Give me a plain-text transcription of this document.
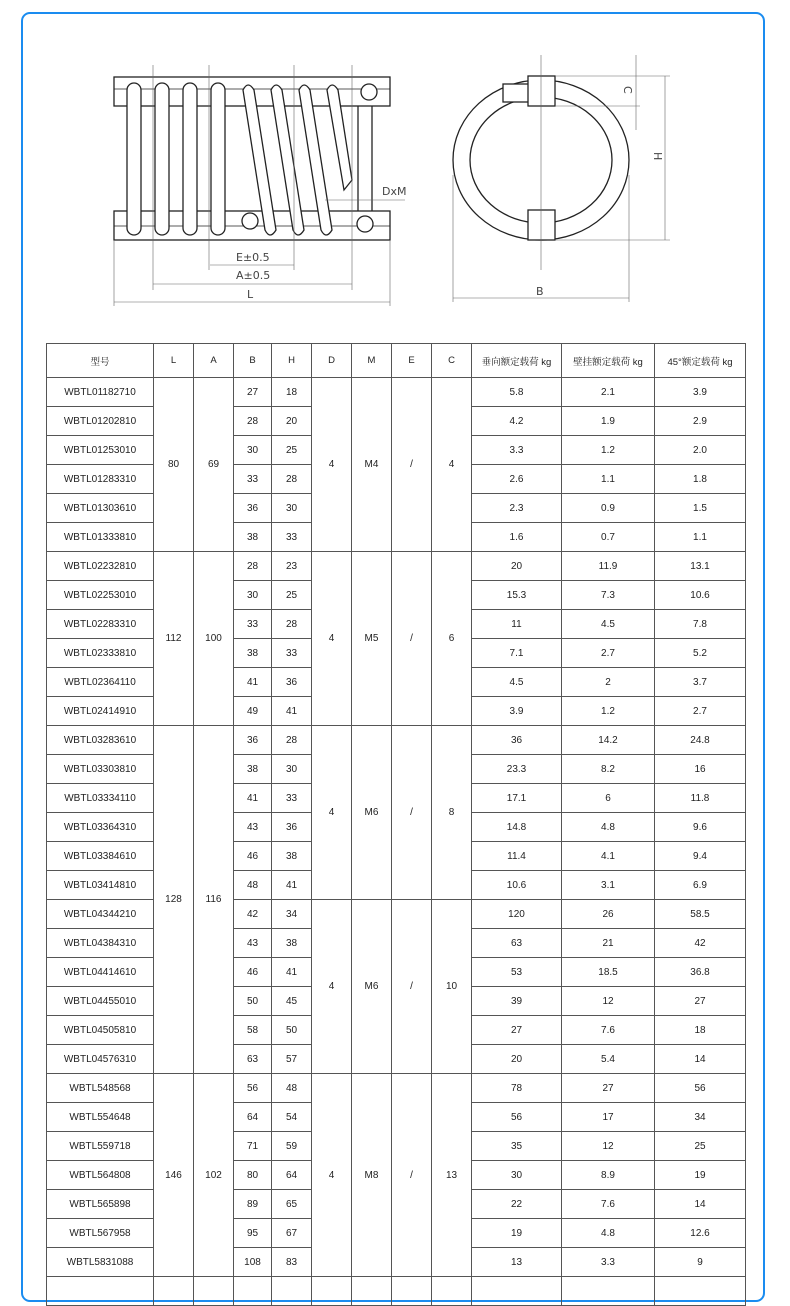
E±0.5
A±0.5
L
DxM
B
H
C
型号	L	A	B	H	D	M	E	C	垂向额定载荷 kg	壁挂额定载荷 kg	45°额定载荷 kg
WBTL01182710	80	69	27	18	4	M4	/	4	5.8	2.1	3.9
WBTL01202810			28	20					4.2	1.9	2.9
WBTL01253010			30	25					3.3	1.2	2.0
WBTL01283310			33	28					2.6	1.1	1.8
WBTL01303610			36	30					2.3	0.9	1.5
WBTL01333810			38	33					1.6	0.7	1.1
WBTL02232810	112	100	28	23	4	M5	/	6	20	11.9	13.1
WBTL02253010			30	25					15.3	7.3	10.6
WBTL02283310			33	28					11	4.5	7.8
WBTL02333810			38	33					7.1	2.7	5.2
WBTL02364110			41	36					4.5	2	3.7
WBTL02414910			49	41					3.9	1.2	2.7
WBTL03283610	128	116	36	28	4	M6	/	8	36	14.2	24.8
WBTL03303810			38	30					23.3	8.2	16
WBTL03334110			41	33					17.1	6	11.8
WBTL03364310			43	36					14.8	4.8	9.6
WBTL03384610			46	38					11.4	4.1	9.4
WBTL03414810			48	41					10.6	3.1	6.9
WBTL04344210			42	34	4	M6	/	10	120	26	58.5
WBTL04384310			43	38					63	21	42
WBTL04414610			46	41					53	18.5	36.8
WBTL04455010			50	45					39	12	27
WBTL04505810			58	50					27	7.6	18
WBTL04576310			63	57					20	5.4	14
WBTL548568	146	102	56	48	4	M8	/	13	78	27	56
WBTL554648			64	54					56	17	34
WBTL559718			71	59					35	12	25
WBTL564808			80	64					30	8.9	19
WBTL565898			89	65					22	7.6	14
WBTL567958			95	67					19	4.8	12.6
WBTL5831088			108	83					13	3.3	9
